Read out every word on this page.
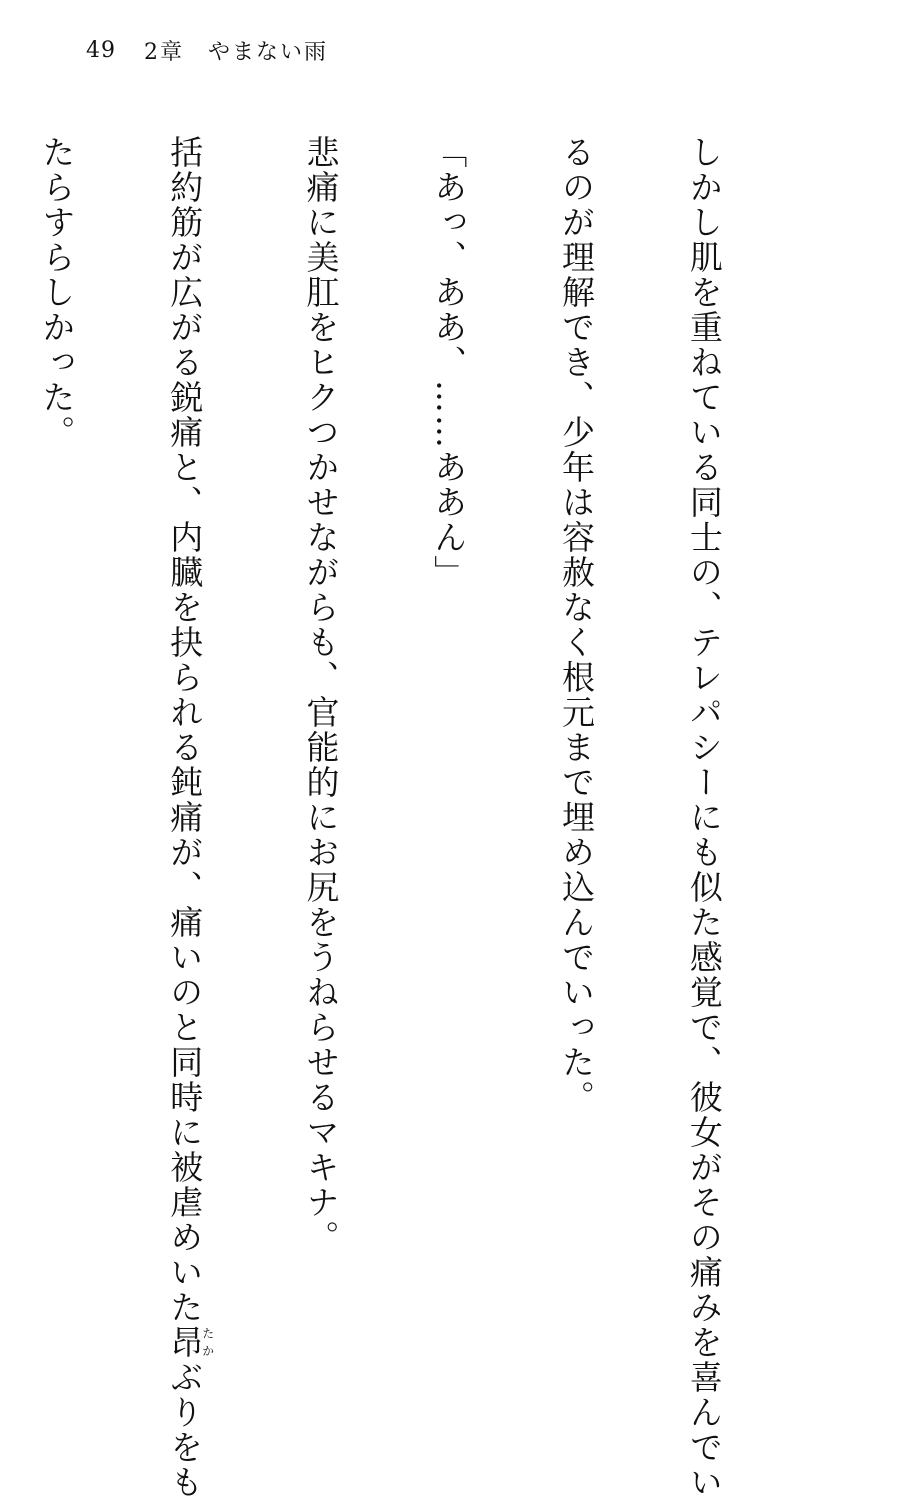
49 2章　やまない雨

しかし肌を重ねている同士の、テレパシーにも似た感覚で、彼女がその痛みを喜んでい

るのが理解でき、少年は容赦なく根元まで埋め込んでいった。

「あっ、ああ、……ああん」

悲痛に美肛をヒクつかせながらも、官能的にお尻をうねらせるマキナ。

括約筋が広がる鋭痛と、内臓を抉られる鈍痛が、痛いのと同時に被虐めいた昂たかぶりをも

たらすらしかった。
